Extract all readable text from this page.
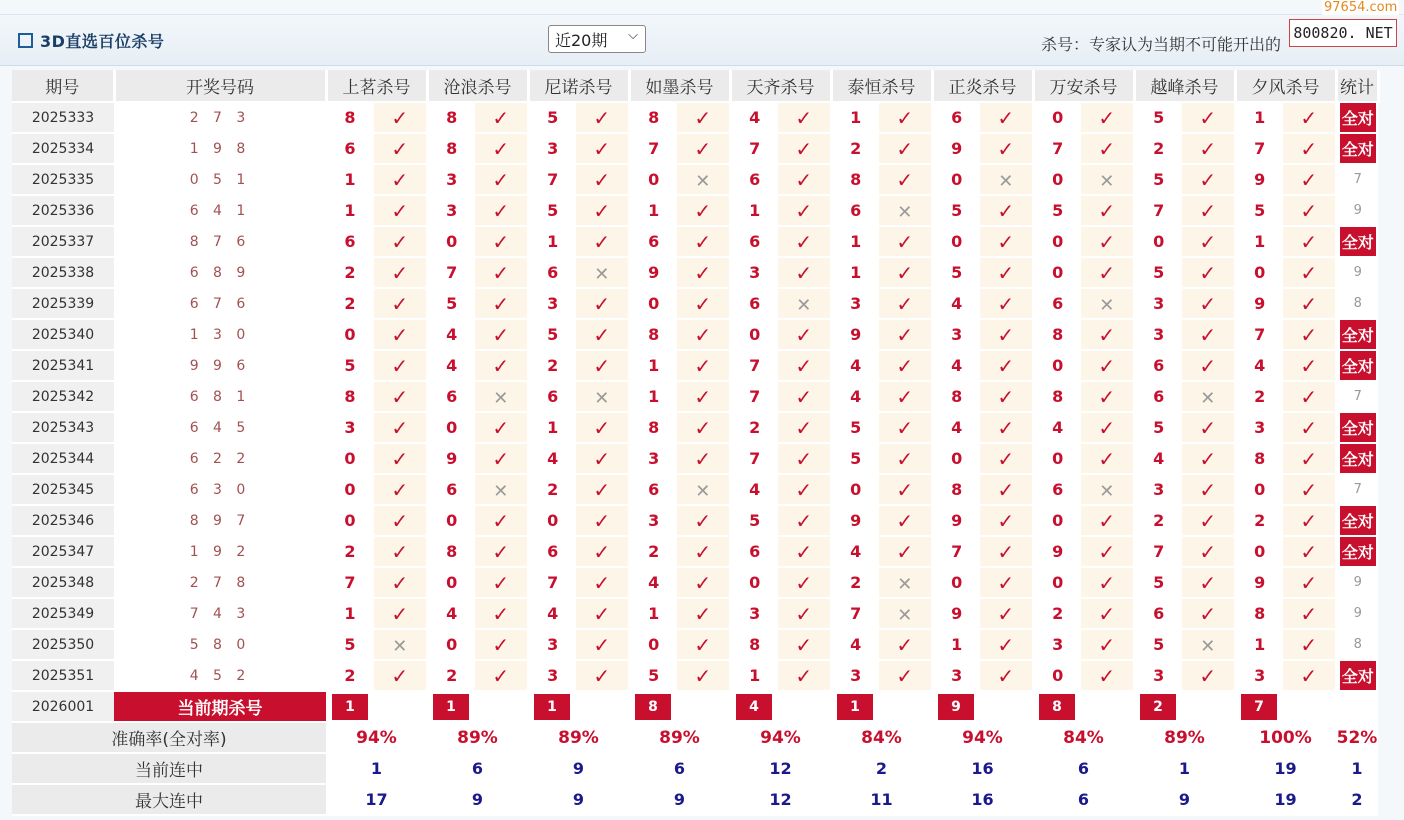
3D直选百位杀号	近20期 ⌵	杀号：专家认为当期不可能开出的
97654.com
800820. NET
期号	开奖号码	上茗杀号		沧浪杀号		尼诺杀号		如墨杀号		天齐杀号		泰恒杀号		正炎杀号		万安杀号		越峰杀号		夕风杀号		统计
2025333	2 7 3	8	✓	8	✓	5	✓	8	✓	4	✓	1	✓	6	✓	0	✓	5	✓	1	✓	全对
2025334	1 9 8	6	✓	8	✓	3	✓	7	✓	7	✓	2	✓	9	✓	7	✓	2	✓	7	✓	全对
2025335	0 5 1	1	✓	3	✓	7	✓	0	✕	6	✓	8	✓	0	✕	0	✕	5	✓	9	✓	7
2025336	6 4 1	1	✓	3	✓	5	✓	1	✓	1	✓	6	✕	5	✓	5	✓	7	✓	5	✓	9
2025337	8 7 6	6	✓	0	✓	1	✓	6	✓	6	✓	1	✓	0	✓	0	✓	0	✓	1	✓	全对
2025338	6 8 9	2	✓	7	✓	6	✕	9	✓	3	✓	1	✓	5	✓	0	✓	5	✓	0	✓	9
2025339	6 7 6	2	✓	5	✓	3	✓	0	✓	6	✕	3	✓	4	✓	6	✕	3	✓	9	✓	8
2025340	1 3 0	0	✓	4	✓	5	✓	8	✓	0	✓	9	✓	3	✓	8	✓	3	✓	7	✓	全对
2025341	9 9 6	5	✓	4	✓	2	✓	1	✓	7	✓	4	✓	4	✓	0	✓	6	✓	4	✓	全对
2025342	6 8 1	8	✓	6	✕	6	✕	1	✓	7	✓	4	✓	8	✓	8	✓	6	✕	2	✓	7
2025343	6 4 5	3	✓	0	✓	1	✓	8	✓	2	✓	5	✓	4	✓	4	✓	5	✓	3	✓	全对
2025344	6 2 2	0	✓	9	✓	4	✓	3	✓	7	✓	5	✓	0	✓	0	✓	4	✓	8	✓	全对
2025345	6 3 0	0	✓	6	✕	2	✓	6	✕	4	✓	0	✓	8	✓	6	✕	3	✓	0	✓	7
2025346	8 9 7	0	✓	0	✓	0	✓	3	✓	5	✓	9	✓	9	✓	0	✓	2	✓	2	✓	全对
2025347	1 9 2	2	✓	8	✓	6	✓	2	✓	6	✓	4	✓	7	✓	9	✓	7	✓	0	✓	全对
2025348	2 7 8	7	✓	0	✓	7	✓	4	✓	0	✓	2	✕	0	✓	0	✓	5	✓	9	✓	9
2025349	7 4 3	1	✓	4	✓	4	✓	1	✓	3	✓	7	✕	9	✓	2	✓	6	✓	8	✓	9
2025350	5 8 0	5	✕	0	✓	3	✓	0	✓	8	✓	4	✓	1	✓	3	✓	5	✕	1	✓	8
2025351	4 5 2	2	✓	2	✓	3	✓	5	✓	1	✓	3	✓	3	✓	0	✓	3	✓	3	✓	全对
2026001	当前期杀号	1		1		1		8		4		1		9		8		2		7		
准确率(全对率)		94%		89%		89%		89%		94%		84%		94%		84%		89%		100%		52%
当前连中		1		6		9		6		12		2		16		6		1		19		1
最大连中		17		9		9		9		12		11		16		6		9		19		2
